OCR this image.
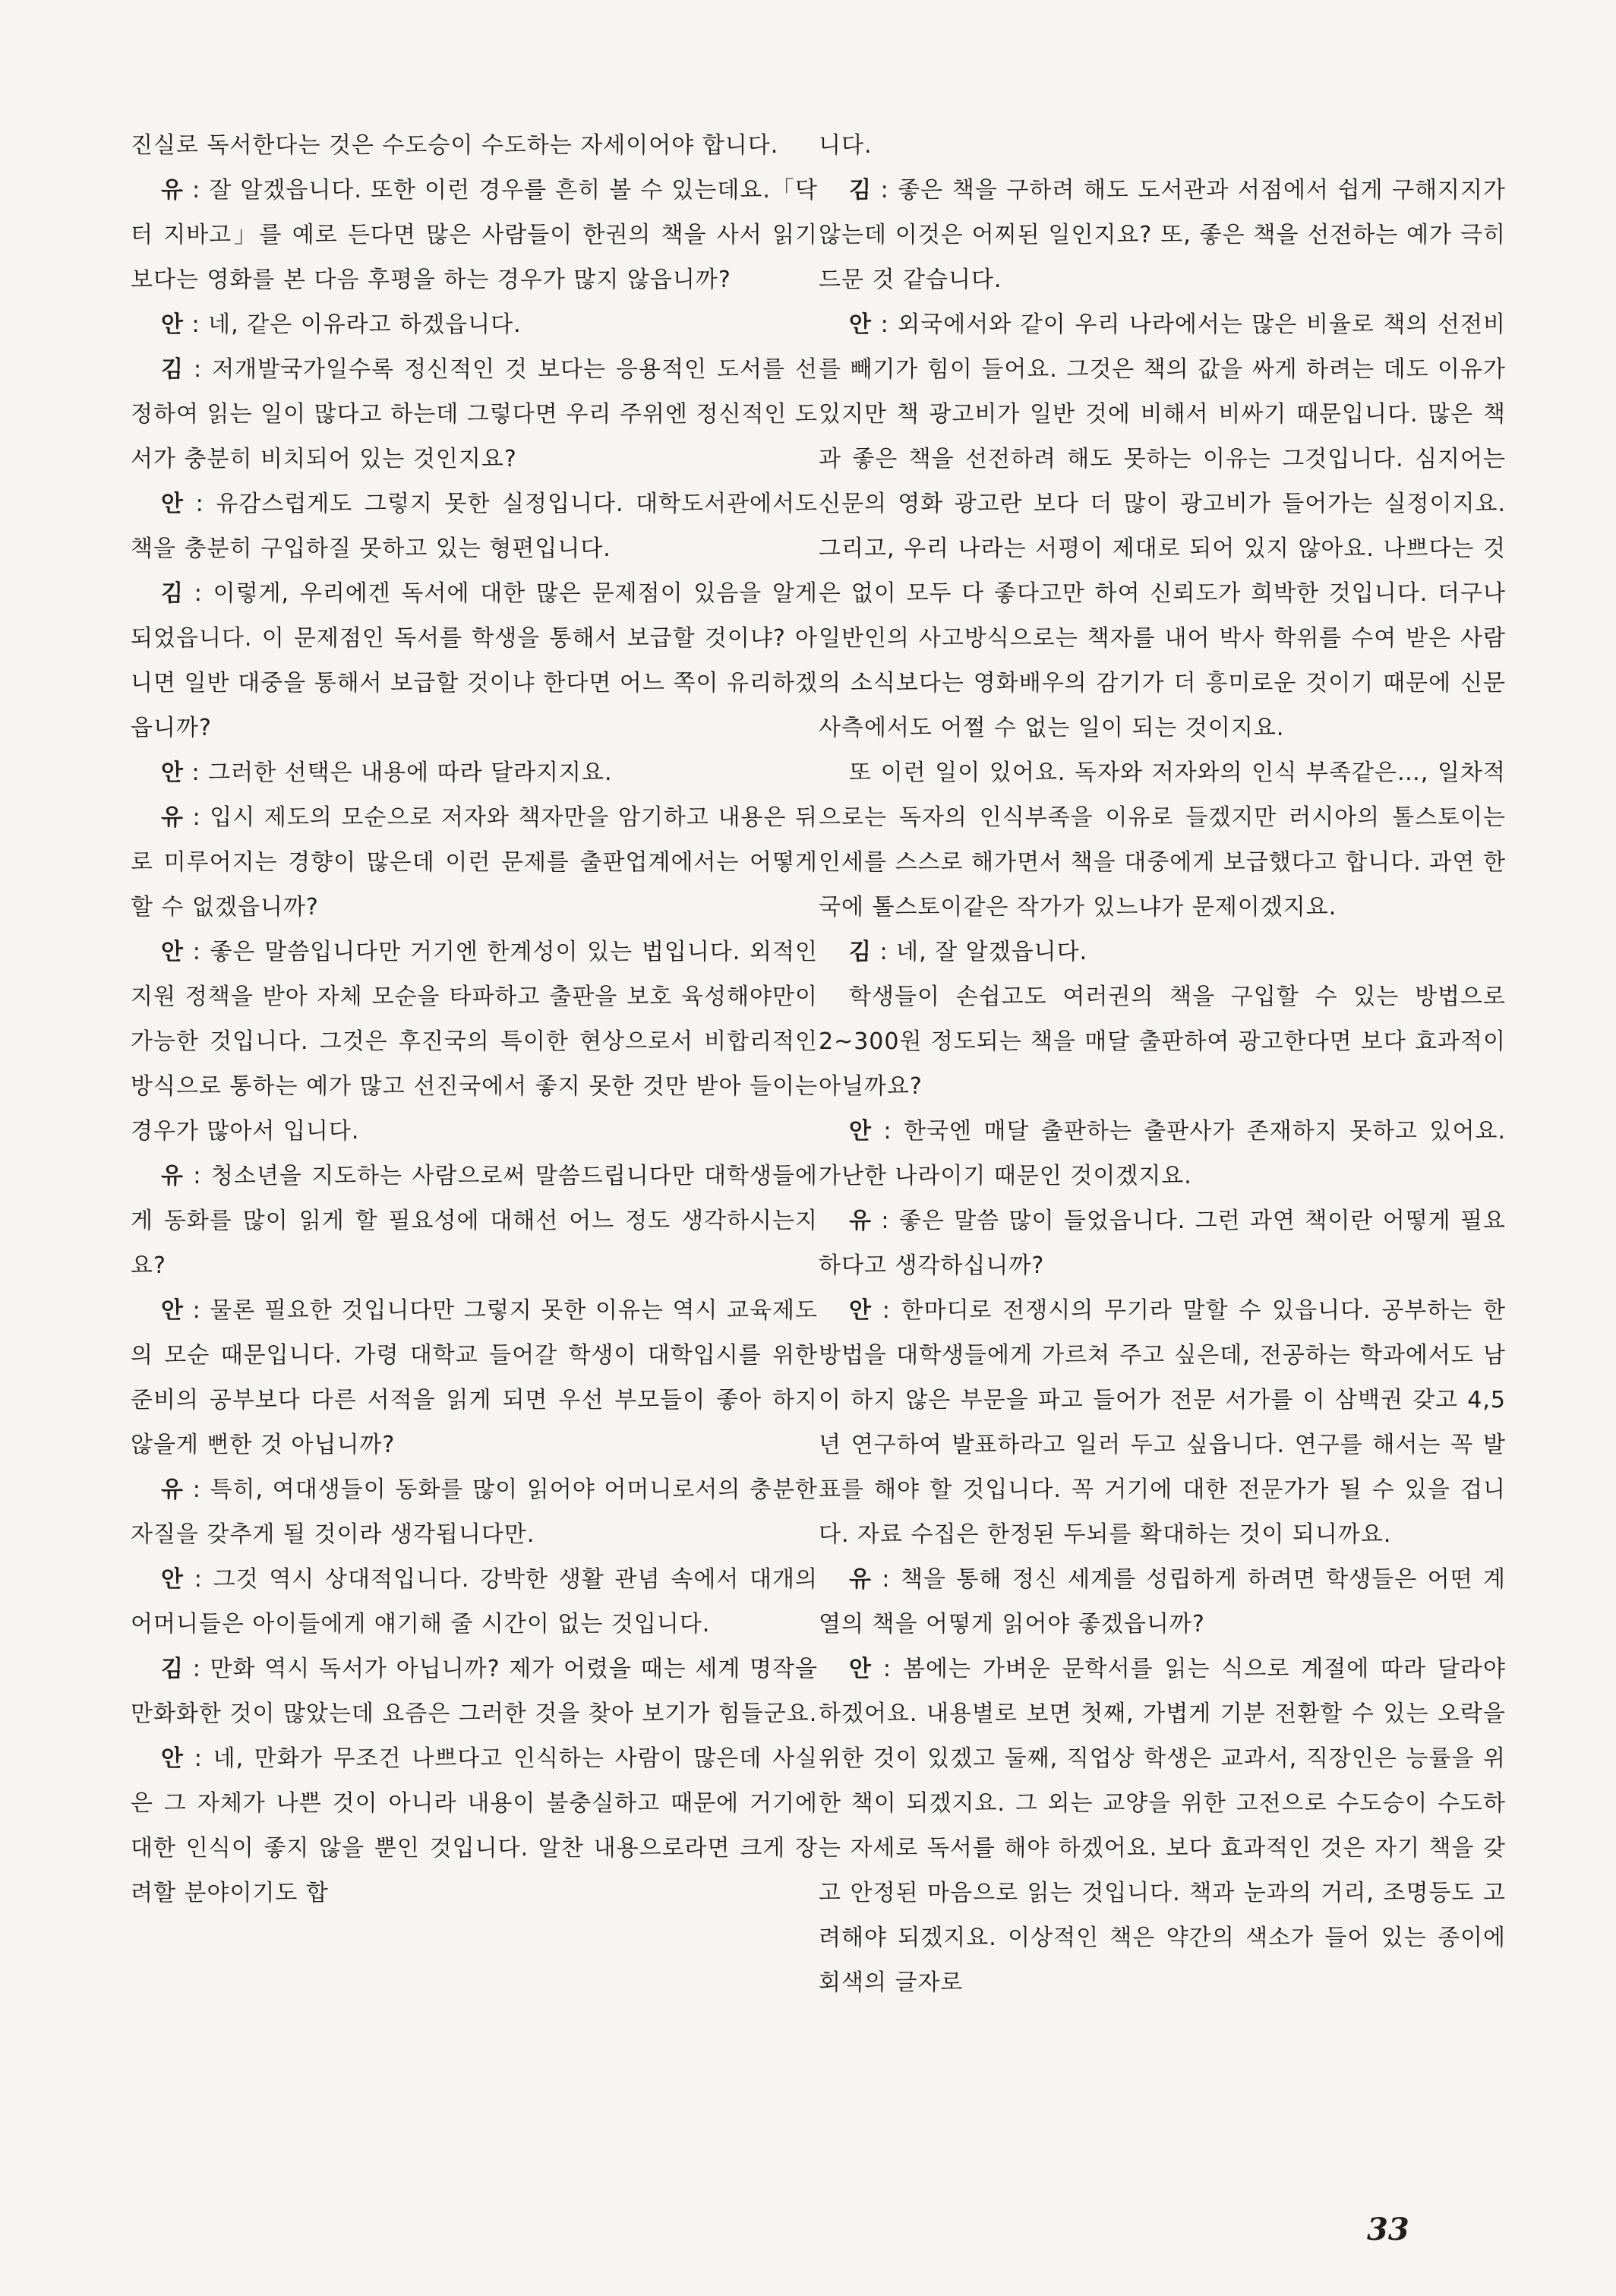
진실로 독서한다는 것은 수도승이 수도하는 자세이어야 합니다.

유 : 잘 알겠읍니다. 또한 이런 경우를 흔히 볼 수 있는데요.「닥터 지바고」를 예로 든다면 많은 사람들이 한권의 책을 사서 읽기보다는 영화를 본 다음 후평을 하는 경우가 많지 않읍니까?

안 : 네, 같은 이유라고 하겠읍니다.

김 : 저개발국가일수록 정신적인 것 보다는 응용적인 도서를 선정하여 읽는 일이 많다고 하는데 그렇다면 우리 주위엔 정신적인 도서가 충분히 비치되어 있는 것인지요?

안 : 유감스럽게도 그렇지 못한 실정입니다. 대학도서관에서도 책을 충분히 구입하질 못하고 있는 형편입니다.

김 : 이렇게, 우리에겐 독서에 대한 많은 문제점이 있음을 알게 되었읍니다. 이 문제점인 독서를 학생을 통해서 보급할 것이냐? 아니면 일반 대중을 통해서 보급할 것이냐 한다면 어느 쪽이 유리하겠읍니까?

안 : 그러한 선택은 내용에 따라 달라지지요.

유 : 입시 제도의 모순으로 저자와 책자만을 암기하고 내용은 뒤로 미루어지는 경향이 많은데 이런 문제를 출판업계에서는 어떻게 할 수 없겠읍니까?

안 : 좋은 말씀입니다만 거기엔 한계성이 있는 법입니다. 외적인 지원 정책을 받아 자체 모순을 타파하고 출판을 보호 육성해야만이 가능한 것입니다. 그것은 후진국의 특이한 현상으로서 비합리적인 방식으로 통하는 예가 많고 선진국에서 좋지 못한 것만 받아 들이는 경우가 많아서 입니다.

유 : 청소년을 지도하는 사람으로써 말씀드립니다만 대학생들에게 동화를 많이 읽게 할 필요성에 대해선 어느 정도 생각하시는지요?

안 : 물론 필요한 것입니다만 그렇지 못한 이유는 역시 교육제도의 모순 때문입니다. 가령 대학교 들어갈 학생이 대학입시를 위한 준비의 공부보다 다른 서적을 읽게 되면 우선 부모들이 좋아 하지 않을게 뻔한 것 아닙니까?

유 : 특히, 여대생들이 동화를 많이 읽어야 어머니로서의 충분한 자질을 갖추게 될 것이라 생각됩니다만.

안 : 그것 역시 상대적입니다. 강박한 생활 관념 속에서 대개의 어머니들은 아이들에게 얘기해 줄 시간이 없는 것입니다.

김 : 만화 역시 독서가 아닙니까? 제가 어렸을 때는 세계 명작을 만화화한 것이 많았는데 요즘은 그러한 것을 찾아 보기가 힘들군요.

안 : 네, 만화가 무조건 나쁘다고 인식하는 사람이 많은데 사실은 그 자체가 나쁜 것이 아니라 내용이 불충실하고 때문에 거기에 대한 인식이 좋지 않을 뿐인 것입니다. 알찬 내용으로라면 크게 장려할 분야이기도 합

니다.

김 : 좋은 책을 구하려 해도 도서관과 서점에서 쉽게 구해지지가 않는데 이것은 어찌된 일인지요? 또, 좋은 책을 선전하는 예가 극히 드문 것 같습니다.

안 : 외국에서와 같이 우리 나라에서는 많은 비율로 책의 선전비를 빼기가 힘이 들어요. 그것은 책의 값을 싸게 하려는 데도 이유가 있지만 책 광고비가 일반 것에 비해서 비싸기 때문입니다. 많은 책과 좋은 책을 선전하려 해도 못하는 이유는 그것입니다. 심지어는 신문의 영화 광고란 보다 더 많이 광고비가 들어가는 실정이지요. 그리고, 우리 나라는 서평이 제대로 되어 있지 않아요. 나쁘다는 것은 없이 모두 다 좋다고만 하여 신뢰도가 희박한 것입니다. 더구나 일반인의 사고방식으로는 책자를 내어 박사 학위를 수여 받은 사람의 소식보다는 영화배우의 감기가 더 흥미로운 것이기 때문에 신문사측에서도 어쩔 수 없는 일이 되는 것이지요.

또 이런 일이 있어요. 독자와 저자와의 인식 부족같은…, 일차적으로는 독자의 인식부족을 이유로 들겠지만 러시아의 톨스토이는 인세를 스스로 해가면서 책을 대중에게 보급했다고 합니다. 과연 한국에 톨스토이같은 작가가 있느냐가 문제이겠지요.

김 : 네, 잘 알겠읍니다.

학생들이 손쉽고도 여러권의 책을 구입할 수 있는 방법으로 2~300원 정도되는 책을 매달 출판하여 광고한다면 보다 효과적이 아닐까요?

안 : 한국엔 매달 출판하는 출판사가 존재하지 못하고 있어요. 가난한 나라이기 때문인 것이겠지요.

유 : 좋은 말씀 많이 들었읍니다. 그런 과연 책이란 어떻게 필요하다고 생각하십니까?

안 : 한마디로 전쟁시의 무기라 말할 수 있읍니다. 공부하는 한 방법을 대학생들에게 가르쳐 주고 싶은데, 전공하는 학과에서도 남이 하지 않은 부문을 파고 들어가 전문 서가를 이 삼백권 갖고 4,5년 연구하여 발표하라고 일러 두고 싶읍니다. 연구를 해서는 꼭 발표를 해야 할 것입니다. 꼭 거기에 대한 전문가가 될 수 있을 겁니다. 자료 수집은 한정된 두뇌를 확대하는 것이 되니까요.

유 : 책을 통해 정신 세계를 성립하게 하려면 학생들은 어떤 계열의 책을 어떻게 읽어야 좋겠읍니까?

안 : 봄에는 가벼운 문학서를 읽는 식으로 계절에 따라 달라야 하겠어요. 내용별로 보면 첫째, 가볍게 기분 전환할 수 있는 오락을 위한 것이 있겠고 둘째, 직업상 학생은 교과서, 직장인은 능률을 위한 책이 되겠지요. 그 외는 교양을 위한 고전으로 수도승이 수도하는 자세로 독서를 해야 하겠어요. 보다 효과적인 것은 자기 책을 갖고 안정된 마음으로 읽는 것입니다. 책과 눈과의 거리, 조명등도 고려해야 되겠지요. 이상적인 책은 약간의 색소가 들어 있는 종이에 회색의 글자로

33
